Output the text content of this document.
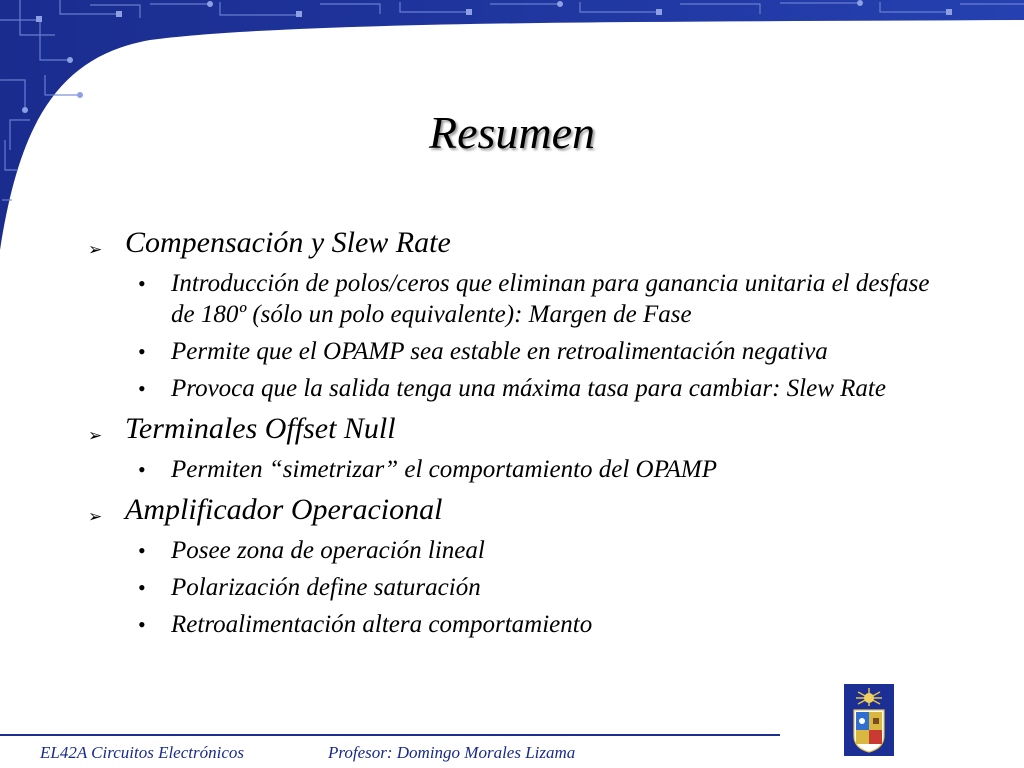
Resumen
➢ Compensación y Slew Rate
• Introducción de polos/ceros que eliminan para ganancia unitaria el desfase de 180º (sólo un polo equivalente): Margen de Fase
• Permite que el OPAMP sea estable en retroalimentación negativa
• Provoca que la salida tenga una máxima tasa para cambiar: Slew Rate
➢ Terminales Offset Null
• Permiten “simetrizar” el comportamiento del OPAMP
➢ Amplificador Operacional
• Posee zona de operación lineal
• Polarización define saturación
• Retroalimentación altera comportamiento
EL42A Circuitos Electrónicos	Profesor: Domingo Morales Lizama
